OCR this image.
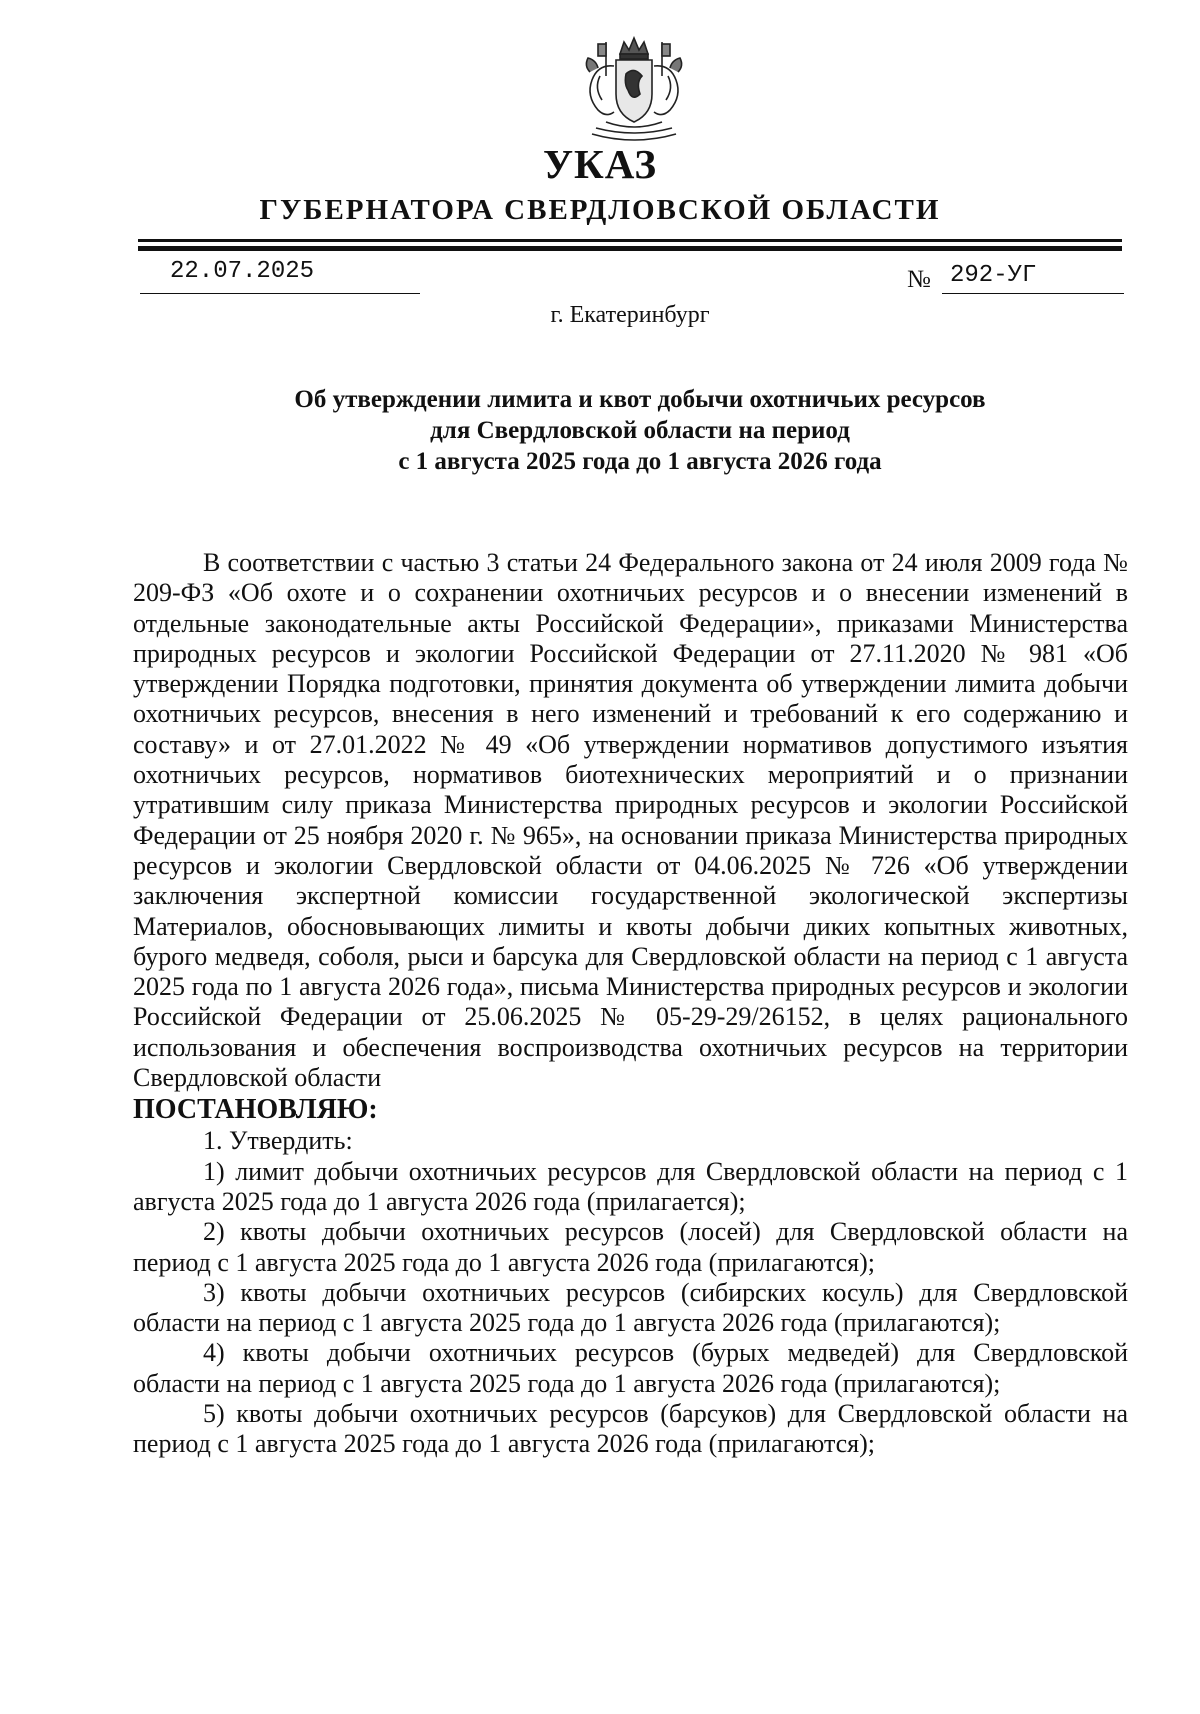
УКАЗ
ГУБЕРНАТОРА СВЕРДЛОВСКОЙ ОБЛАСТИ
22.07.2025	№ 292-УГ
г. Екатеринбург
Об утверждении лимита и квот добычи охотничьих ресурсов
для Свердловской области на период
с 1 августа 2025 года до 1 августа 2026 года

В соответствии с частью 3 статьи 24 Федерального закона от 24 июля 2009 года № 209-ФЗ «Об охоте и о сохранении охотничьих ресурсов и о внесении изменений в отдельные законодательные акты Российской Федерации», приказами Министерства природных ресурсов и экологии Российской Федерации от 27.11.2020 № 981 «Об утверждении Порядка подготовки, принятия документа об утверждении лимита добычи охотничьих ресурсов, внесения в него изменений и требований к его содержанию и составу» и от 27.01.2022 № 49 «Об утверждении нормативов допустимого изъятия охотничьих ресурсов, нормативов биотехнических мероприятий и о признании утратившим силу приказа Министерства природных ресурсов и экологии Российской Федерации от 25 ноября 2020 г. № 965», на основании приказа Министерства природных ресурсов и экологии Свердловской области от 04.06.2025 № 726 «Об утверждении заключения экспертной комиссии государственной экологической экспертизы Материалов, обосновывающих лимиты и квоты добычи диких копытных животных, бурого медведя, соболя, рыси и барсука для Свердловской области на период с 1 августа 2025 года по 1 августа 2026 года», письма Министерства природных ресурсов и экологии Российской Федерации от 25.06.2025 № 05-29-29/26152, в целях рационального использования и обеспечения воспроизводства охотничьих ресурсов на территории Свердловской области

ПОСТАНОВЛЯЮ:

1. Утвердить:

1) лимит добычи охотничьих ресурсов для Свердловской области на период с 1 августа 2025 года до 1 августа 2026 года (прилагается);

2) квоты добычи охотничьих ресурсов (лосей) для Свердловской области на период с 1 августа 2025 года до 1 августа 2026 года (прилагаются);

3) квоты добычи охотничьих ресурсов (сибирских косуль) для Свердловской области на период с 1 августа 2025 года до 1 августа 2026 года (прилагаются);

4) квоты добычи охотничьих ресурсов (бурых медведей) для Свердловской области на период с 1 августа 2025 года до 1 августа 2026 года (прилагаются);

5) квоты добычи охотничьих ресурсов (барсуков) для Свердловской области на период с 1 августа 2025 года до 1 августа 2026 года (прилагаются);
